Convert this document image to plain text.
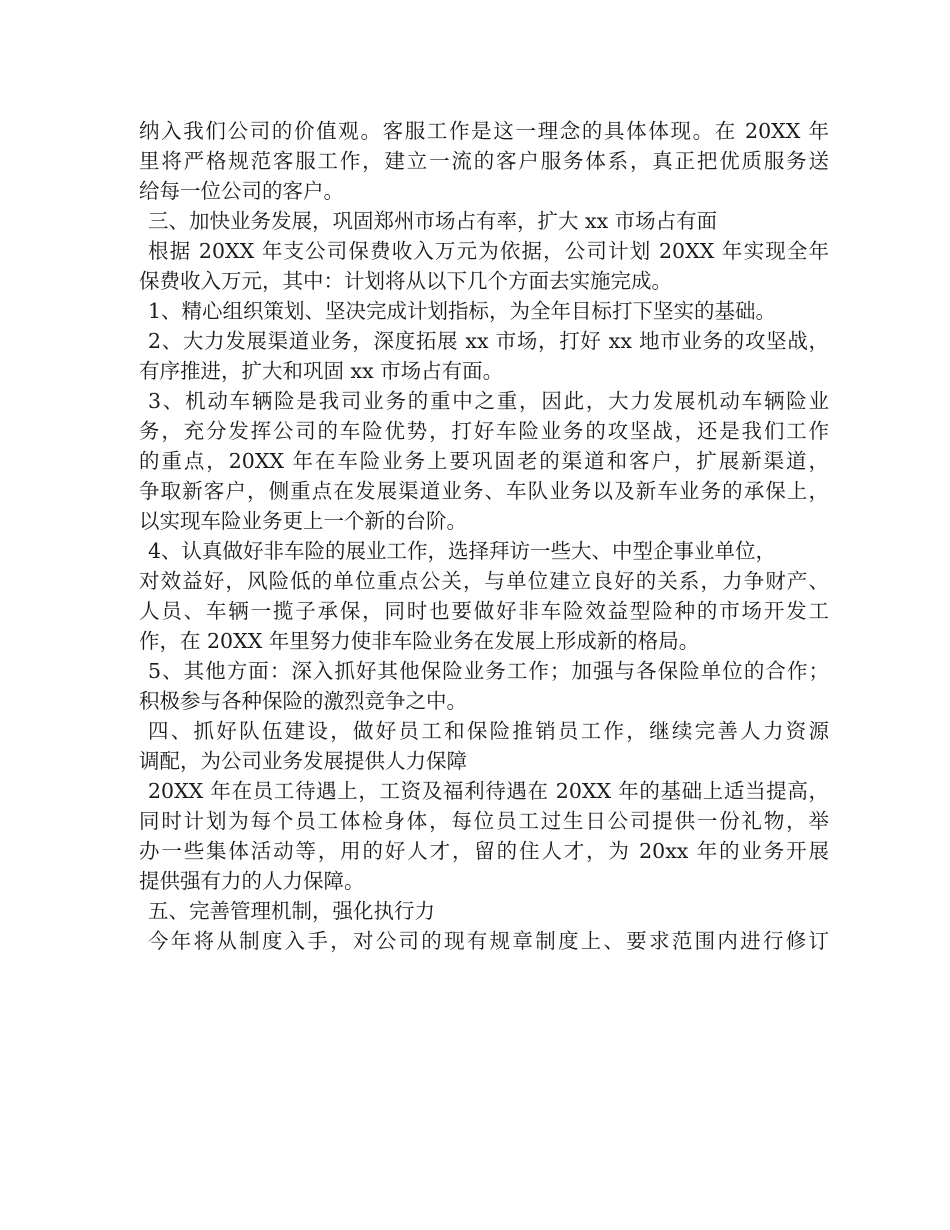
纳入我们公司的价值观。客服工作是这一理念的具体体现。在 20XX 年
里将严格规范客服工作，建立一流的客户服务体系，真正把优质服务送
给每一位公司的客户。
三、加快业务发展，巩固郑州市场占有率，扩大 xx 市场占有面
根据 20XX 年支公司保费收入万元为依据，公司计划 20XX 年实现全年
保费收入万元，其中：计划将从以下几个方面去实施完成。
1、精心组织策划、坚决完成计划指标，为全年目标打下坚实的基础。
2、大力发展渠道业务，深度拓展 xx 市场，打好 xx 地市业务的攻坚战，
有序推进，扩大和巩固 xx 市场占有面。
3、机动车辆险是我司业务的重中之重，因此，大力发展机动车辆险业
务，充分发挥公司的车险优势，打好车险业务的攻坚战，还是我们工作
的重点，20XX 年在车险业务上要巩固老的渠道和客户，扩展新渠道，
争取新客户，侧重点在发展渠道业务、车队业务以及新车业务的承保上，
以实现车险业务更上一个新的台阶。
4、认真做好非车险的展业工作，选择拜访一些大、中型企事业单位，
对效益好，风险低的单位重点公关，与单位建立良好的关系，力争财产、
人员、车辆一揽子承保，同时也要做好非车险效益型险种的市场开发工
作，在 20XX 年里努力使非车险业务在发展上形成新的格局。
5、其他方面：深入抓好其他保险业务工作；加强与各保险单位的合作；
积极参与各种保险的激烈竞争之中。
四、抓好队伍建设，做好员工和保险推销员工作，继续完善人力资源
调配，为公司业务发展提供人力保障
20XX 年在员工待遇上，工资及福利待遇在 20XX 年的基础上适当提高，
同时计划为每个员工体检身体，每位员工过生日公司提供一份礼物，举
办一些集体活动等，用的好人才，留的住人才，为 20xx 年的业务开展
提供强有力的人力保障。
五、完善管理机制，强化执行力
今年将从制度入手，对公司的现有规章制度上、要求范围内进行修订
